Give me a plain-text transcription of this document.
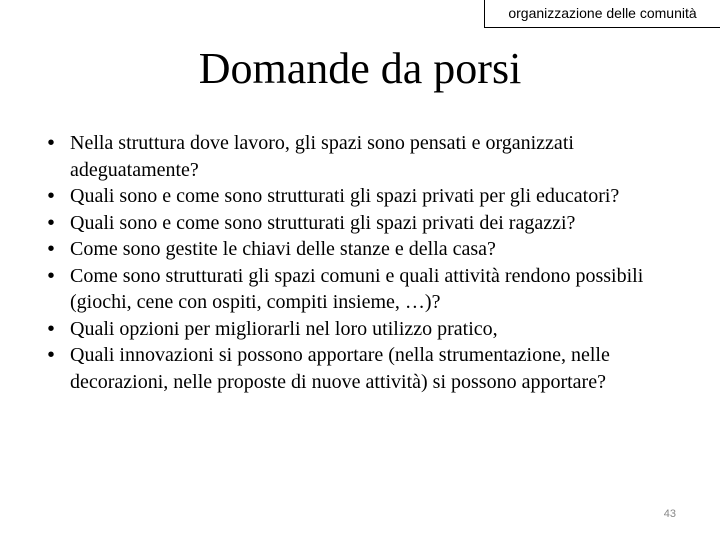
organizzazione delle comunità
Domande da porsi
• Nella struttura dove lavoro, gli spazi sono pensati e organizzati adeguatamente?
• Quali sono e come sono strutturati gli spazi privati per gli educatori?
• Quali sono e come sono strutturati gli spazi privati dei ragazzi?
• Come sono gestite le chiavi delle stanze e della casa?
• Come sono strutturati gli spazi comuni e quali attività rendono possibili (giochi, cene con ospiti, compiti insieme, …)?
• Quali opzioni per migliorarli nel loro utilizzo pratico,
• Quali innovazioni si possono apportare (nella strumentazione, nelle decorazioni, nelle proposte di nuove attività) si possono apportare?
43
